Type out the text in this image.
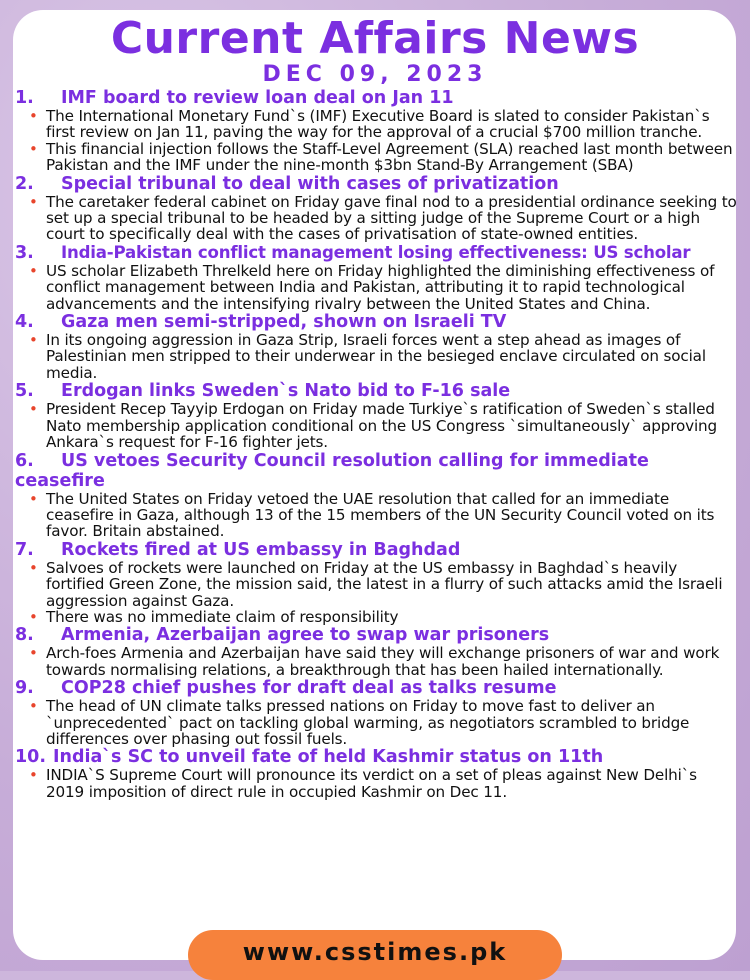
Current Affairs News
DEC 09, 2023
1.	IMF board to review loan deal on Jan 11
• The International Monetary Fund`s (IMF) Executive Board is slated to consider Pakistan`s first review on Jan 11, paving the way for the approval of a crucial $700 million tranche.
• This financial injection follows the Staff-Level Agreement (SLA) reached last month between Pakistan and the IMF under the nine-month $3bn Stand-By Arrangement (SBA)
2.	Special tribunal to deal with cases of privatization
• The caretaker federal cabinet on Friday gave final nod to a presidential ordinance seeking to set up a special tribunal to be headed by a sitting judge of the Supreme Court or a high court to specifically deal with the cases of privatisation of state-owned entities.
3.	India-Pakistan conflict management losing effectiveness: US scholar
• US scholar Elizabeth Threlkeld here on Friday highlighted the diminishing effectiveness of conflict management between India and Pakistan, attributing it to rapid technological advancements and the intensifying rivalry between the United States and China.
4.	Gaza men semi-stripped, shown on Israeli TV
• In its ongoing aggression in Gaza Strip, Israeli forces went a step ahead as images of Palestinian men stripped to their underwear in the besieged enclave circulated on social media.
5.	Erdogan links Sweden`s Nato bid to F-16 sale
• President Recep Tayyip Erdogan on Friday made Turkiye`s ratification of Sweden`s stalled Nato membership application conditional on the US Congress `simultaneously` approving Ankara`s request for F-16 fighter jets.
6. US vetoes Security Council resolution calling for immediate ceasefire
• The United States on Friday vetoed the UAE resolution that called for an immediate ceasefire in Gaza, although 13 of the 15 members of the UN Security Council voted on its favor. Britain abstained.
7.	Rockets fired at US embassy in Baghdad
• Salvoes of rockets were launched on Friday at the US embassy in Baghdad`s heavily fortified Green Zone, the mission said, the latest in a flurry of such attacks amid the Israeli aggression against Gaza.
• There was no immediate claim of responsibility
8.	Armenia, Azerbaijan agree to swap war prisoners
• Arch-foes Armenia and Azerbaijan have said they will exchange prisoners of war and work towards normalising relations, a breakthrough that has been hailed internationally.
9.	COP28 chief pushes for draft deal as talks resume
• The head of UN climate talks pressed nations on Friday to move fast to deliver an `unprecedented` pact on tackling global warming, as negotiators scrambled to bridge differences over phasing out fossil fuels.
10. India`s SC to unveil fate of held Kashmir status on 11th
• INDIA`S Supreme Court will pronounce its verdict on a set of pleas against New Delhi`s 2019 imposition of direct rule in occupied Kashmir on Dec 11.
www.csstimes.pk
